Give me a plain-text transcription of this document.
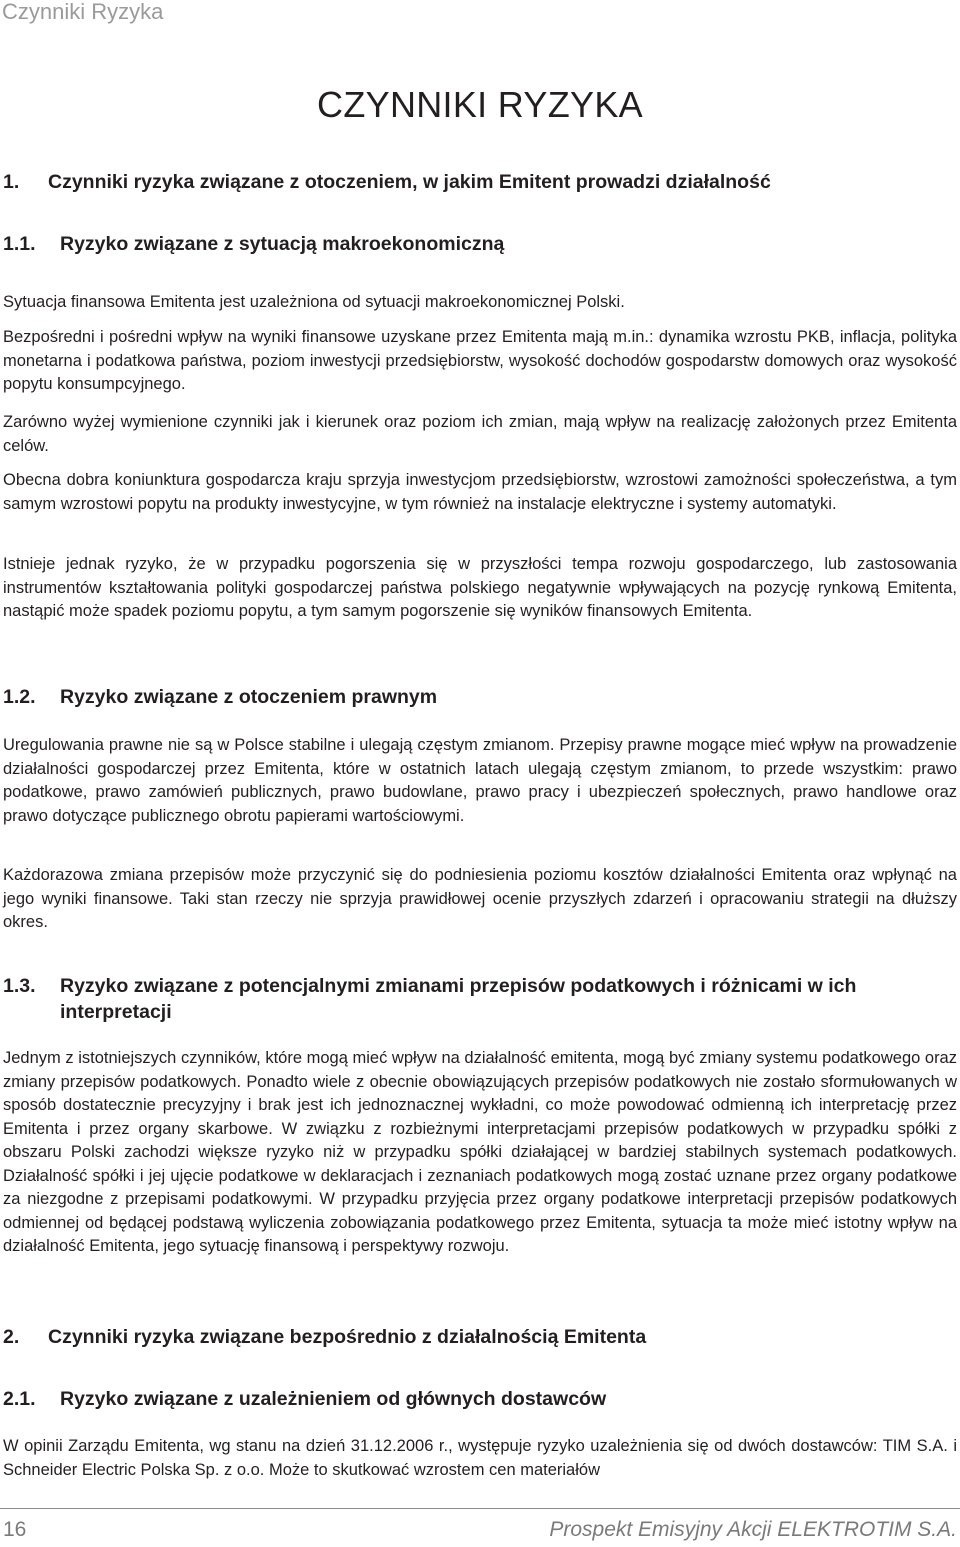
Czynniki Ryzyka
CZYNNIKI RYZYKA
1.	Czynniki ryzyka związane z otoczeniem, w jakim Emitent prowadzi działalność
1.1.	Ryzyko związane z sytuacją makroekonomiczną

Sytuacja finansowa Emitenta jest uzależniona od sytuacji makroekonomicznej Polski.

Bezpośredni i pośredni wpływ na wyniki finansowe uzyskane przez Emitenta mają m.in.: dynamika wzrostu PKB, inflacja, polityka monetarna i podatkowa państwa, poziom inwestycji przedsiębiorstw, wysokość dochodów gospodarstw domowych oraz wysokość popytu konsumpcyjnego.

Zarówno wyżej wymienione czynniki jak i kierunek oraz poziom ich zmian, mają wpływ na realizację założonych przez Emitenta celów.

Obecna dobra koniunktura gospodarcza kraju sprzyja inwestycjom przedsiębiorstw, wzrostowi zamożności społeczeństwa, a tym samym wzrostowi popytu na produkty inwestycyjne, w tym również na instalacje elektryczne i systemy automatyki.

Istnieje jednak ryzyko, że w przypadku pogorszenia się w przyszłości tempa rozwoju gospodarczego, lub zastosowania instrumentów kształtowania polityki gospodarczej państwa polskiego negatywnie wpływających na pozycję rynkową Emitenta, nastąpić może spadek poziomu popytu, a tym samym pogorszenie się wyników finansowych Emitenta.

1.2.	Ryzyko związane z otoczeniem prawnym

Uregulowania prawne nie są w Polsce stabilne i ulegają częstym zmianom. Przepisy prawne mogące mieć wpływ na prowadzenie działalności gospodarczej przez Emitenta, które w ostatnich latach ulegają częstym zmianom, to przede wszystkim: prawo podatkowe, prawo zamówień publicznych, prawo budowlane, prawo pracy i ubezpieczeń społecznych, prawo handlowe oraz prawo dotyczące publicznego obrotu papierami wartościowymi.

Każdorazowa zmiana przepisów może przyczynić się do podniesienia poziomu kosztów działalności Emitenta oraz wpłynąć na jego wyniki finansowe. Taki stan rzeczy nie sprzyja prawidłowej ocenie przyszłych zdarzeń i opracowaniu strategii na dłuższy okres.

1.3.	Ryzyko związane z potencjalnymi zmianami przepisów podatkowych i różnicami w ich interpretacji

Jednym z istotniejszych czynników, które mogą mieć wpływ na działalność emitenta, mogą być zmiany systemu podatkowego oraz zmiany przepisów podatkowych. Ponadto wiele z obecnie obowiązujących przepisów podatkowych nie zostało sformułowanych w sposób dostatecznie precyzyjny i brak jest ich jednoznacznej wykładni, co może powodować odmienną ich interpretację przez Emitenta i przez organy skarbowe. W związku z rozbieżnymi interpretacjami przepisów podatkowych w przypadku spółki z obszaru Polski zachodzi większe ryzyko niż w przypadku spółki działającej w bardziej stabilnych systemach podatkowych. Działalność spółki i jej ujęcie podatkowe w deklaracjach i zeznaniach podatkowych mogą zostać uznane przez organy podatkowe za niezgodne z przepisami podatkowymi. W przypadku przyjęcia przez organy podatkowe interpretacji przepisów podatkowych odmiennej od będącej podstawą wyliczenia zobowiązania podatkowego przez Emitenta, sytuacja ta może mieć istotny wpływ na działalność Emitenta, jego sytuację finansową i perspektywy rozwoju.

2.	Czynniki ryzyka związane bezpośrednio z działalnością Emitenta
2.1.	Ryzyko związane z uzależnieniem od głównych dostawców

W opinii Zarządu Emitenta, wg stanu na dzień 31.12.2006 r., występuje ryzyko uzależnienia się od dwóch dostawców: TIM S.A. i Schneider Electric Polska Sp. z o.o. Może to skutkować wzrostem cen materiałów

16	Prospekt Emisyjny Akcji ELEKTROTIM S.A.
